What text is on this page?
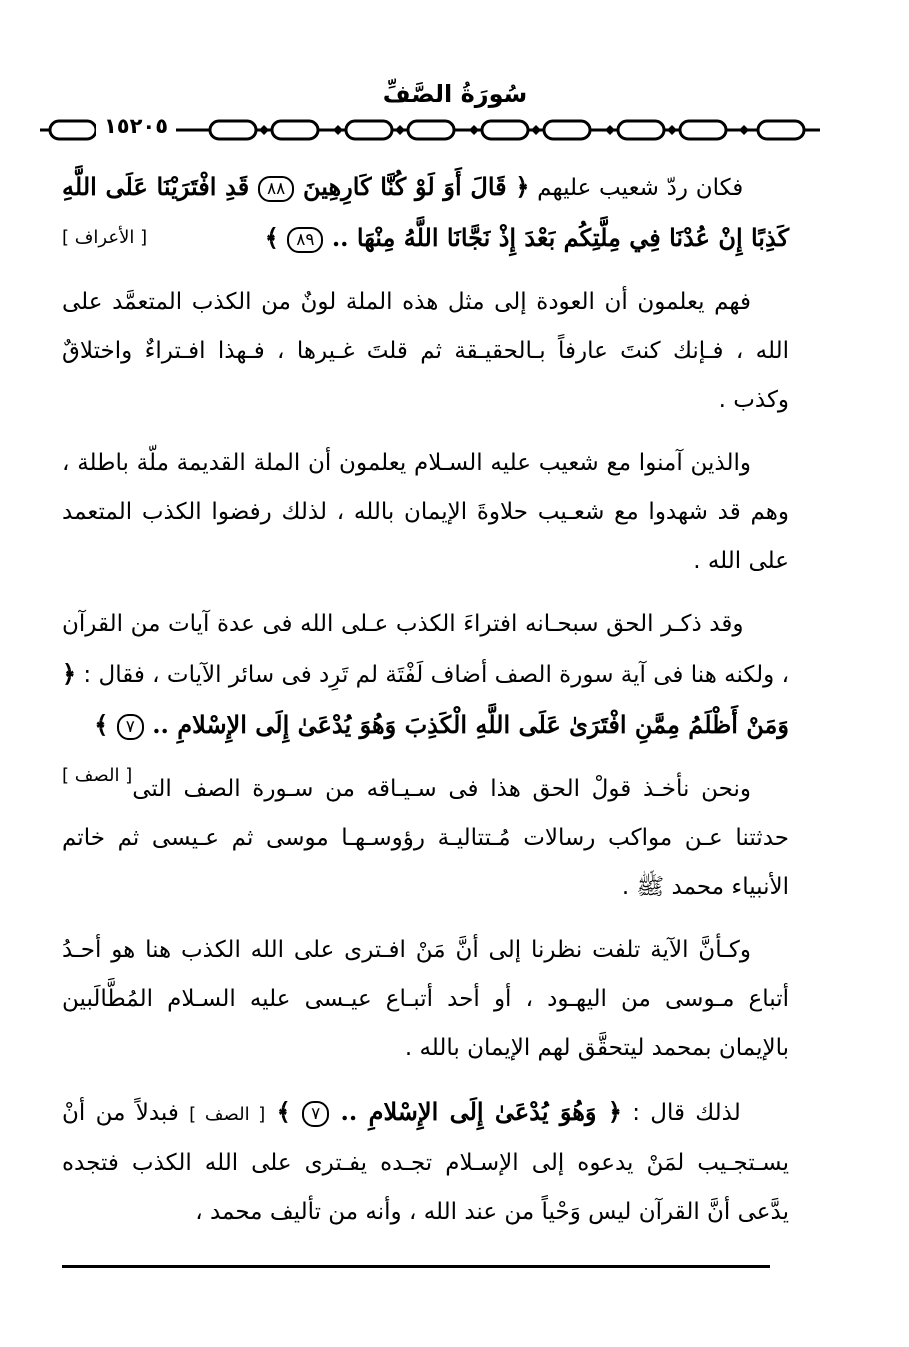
سُورَةُ الصَّفِّ
١٥٢٠٥

فكان ردّ شعيب عليهم ﴿ قَالَ أَوَ لَوْ كُنَّا كَارِهِينَ ٨٨ قَدِ افْتَرَيْنَا عَلَى اللَّهِ كَذِبًا إِنْ عُدْنَا فِي مِلَّتِكُم بَعْدَ إِذْ نَجَّانَا اللَّهُ مِنْهَا .. ٨٩ ﴾
[ الأعراف ]

فهم يعلمون أن العودة إلى مثل هذه الملة لونٌ من الكذب المتعمَّد على الله ، فـإنك كنتَ عارفاً بـالحقيـقة ثم قلتَ غـيرها ، فـهذا افـتراءٌ واختلاقٌ وكذب .

والذين آمنوا مع شعيب عليه السـلام يعلمون أن الملة القديمة ملّة باطلة ، وهم قد شهدوا مع شعـيب حلاوةَ الإيمان بالله ، لذلك رفضوا الكذب المتعمد على الله .

وقد ذكـر الحق سبحـانه افتراءَ الكذب عـلى الله فى عدة آيات من القرآن ، ولكنه هنا فى آية سورة الصف أضاف لَفْتَة لم تَرِد فى سائر الآيات ، فقال : ﴿ وَمَنْ أَظْلَمُ مِمَّنِ افْتَرَىٰ عَلَى اللَّهِ الْكَذِبَ وَهُوَ يُدْعَىٰ إِلَى الإِسْلامِ .. ٧ ﴾
[ الصف ]

ونحن نأخـذ قولْ الحق هذا فى سـيـاقه من سـورة الصف التى حدثتنا عـن مواكب رسالات مُـتتاليـة رؤوسـهـا موسى ثم عـيسى ثم خاتم الأنبياء محمد ﷺ .

وكـأنَّ الآية تلفت نظرنا إلى أنَّ مَنْ افـترى على الله الكذب هنا هو أحـدُ أتباع مـوسى من اليهـود ، أو أحد أتبـاع عيـسى عليه السـلام المُطَّالَبين بالإيمان بمحمد ليتحقَّق لهم الإيمان بالله .

لذلك قال : ﴿ وَهُوَ يُدْعَىٰ إِلَى الإِسْلامِ .. ٧ ﴾ [ الصف ] فبدلاً من أنْ يسـتجـيب لمَنْ يدعوه إلى الإسـلام تجـده يفـترى على الله الكذب فتجده يدَّعى أنَّ القرآن ليس وَحْياً من عند الله ، وأنه من تأليف محمد ،
